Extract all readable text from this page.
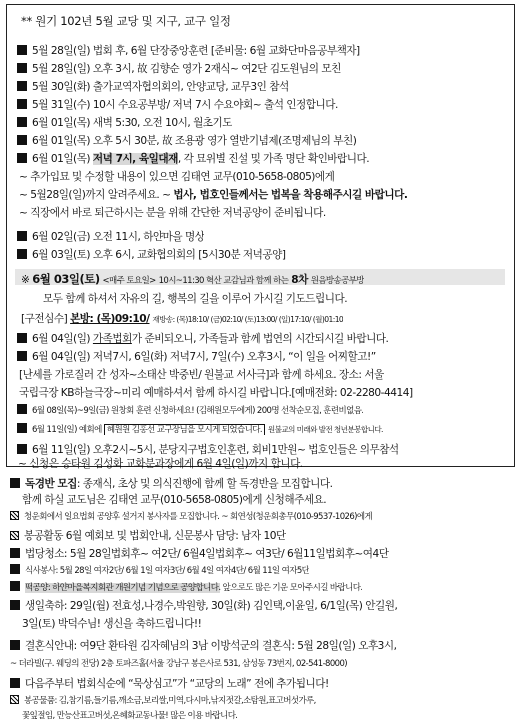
** 원기 102년 5월 교당 및 지구, 교구 일정
5월 28일(일) 법회 후, 6월 단장중앙훈련 [준비물: 6월 교화단마음공부책자]
5월 28일(일) 오후 3시, 故 김향순 영가 2재식~ 여2단 김도원님의 모친
5월 30일(화) 출가교역자협의회의, 안양교당, 교무3인 참석
5월 31일(수) 10시 수요공부방/ 저녁 7시 수요야회~ 출석 인정합니다.
6월 01일(목) 새벽 5:30, 오전 10시, 월초기도
6월 01일(목) 오후 5시 30분, 故 조용광 영가 열반기념제(조명제님의 부친)
6월 01일(목) 저녁 7시, 육일대재, 각 묘위별 진설 및 가족 명단 확인바랍니다.
~ 추가입묘 및 수정할 내용이 있으면 김태연 교무(010-5658-0805)에게
~ 5월28일(일)까지 알려주세요. ~ 법사, 법호인들께서는 법복을 착용해주시길 바랍니다.
~ 직장에서 바로 퇴근하시는 분을 위해 간단한 저녁공양이 준비됩니다.
6월 02일(금) 오전 11시, 하얀마을 명상
6월 03일(토) 오후 6시, 교화협의회의 [5시30분 저녁공양]
※ 6월 03일(토) <매주 토요일> 10시~11:30 혁산 교감님과 함께 하는 8차 원음방송공부방
모두 함께 하셔서 자유의 길, 행복의 길을 이루어 가시길 기도드립니다.
[구전심수] 본방: (목)09:10/ 재방송: (목)18:10/ (금)02:10/ (토)13:00/ (일)17:10/ (월)01:10
6월 04일(일) 가족법회가 준비되오니, 가족들과 함께 법연의 시간되시길 바랍니다.
6월 04일(일) 저녁7시, 6일(화) 저녁7시, 7일(수) 오후3시, “이 일을 어찌할고!”
[난세를 가로질러 간 성자~소태산 박중빈/ 원불교 서사극]과 함께 하세요. 장소: 서울
국립극장 KB하늘극장~미리 예매하셔서 함께 하시길 바랍니다.[예매전화: 02-2280-4414]
6월 08일(목)~9일(금) 원창회 훈련 신청하세요! (김해원모두에게) 200명 선착순모집, 훈련비없음.
6월 11일(일) 예회에 혜원원 김홍선 교구장님을 모시게 되었습니다. 원불교의 미래와 발전 청년분봉합니다.
6월 11일(일) 오후2시~5시, 분당지구법호인훈련, 회비1만원~ 법호인들은 의무참석
~ 신청은 승타원 김성화 교화분과장에게 6월 4일(일)까지 합니다.
독경반 모집: 종재식, 초상 및 의식진행에 함께 할 독경반을 모집합니다.
함께 하실 교도님은 김태연 교무(010-5658-0805)에게 신청해주세요.
청운회에서 일요법회 공양후 설거지 봉사자를 모집합니다. ~ 회연성(청운회총무(010-9537-1026)에게
봉공활동 6월 예회보 및 법회안내, 신문봉사 담당: 남자 10단
법당청소: 5월 28일법회후~ 여2단/ 6월4일법회후~ 여3단/ 6월11일법회후~여4단
식사봉사: 5월 28일 여자2단/ 6월 1일 여자3단/ 6월 4일 여자4단/ 6월 11일 여자5단
떡공양: 하얀마을복지회관 개원기념 기념으로 공양합니다. 앞으로도 많은 기운 모아주시길 바랍니다.
생일축하: 29일(월) 전효성,나경수,박원향, 30일(화) 김인택,이윤일, 6/1일(목) 안길원,
3일(토) 박덕수님! 생신을 축하드립니다!!
결혼식안내: 여9단 환타원 김자혜님의 3남 이방석군의 결혼식: 5월 28일(일) 오후3시,
~ 더라빌(구. 웨딩의 전당) 2층 토파즈홀(서울 강남구 봉은사로 531, 삼성동 73번지, 02-541-8000)
다음주부터 법회식순에 “묵상심고”가 “교당의 노래” 전에 추가됩니다!
봉공물품: 김,참기름,들기름,깨소금,보리쌀,미역,다시마,낚지젓갈,소탐원,표고버섯가루,
꽃잎절임, 만능산표고버섯,온혜화교동나물! 많은 이용 바랍니다.
